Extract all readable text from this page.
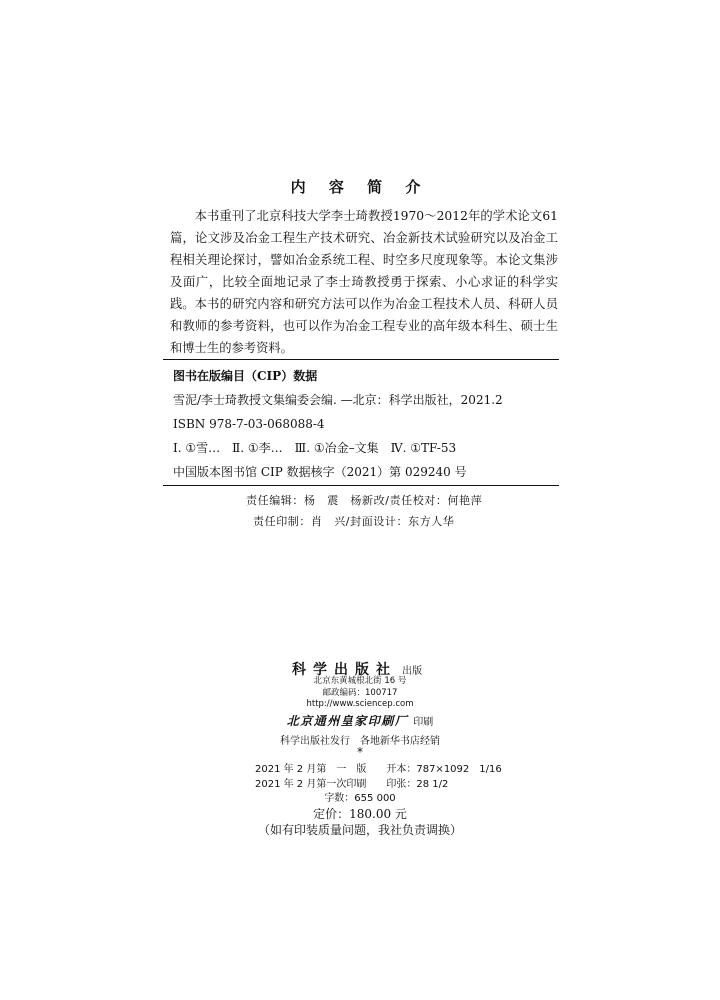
内 容 简 介
本书重刊了北京科技大学李士琦教授1970～2012年的学术论文61篇，论文涉及冶金工程生产技术研究、冶金新技术试验研究以及冶金工程相关理论探讨，譬如冶金系统工程、时空多尺度现象等。本论文集涉及面广，比较全面地记录了李士琦教授勇于探索、小心求证的科学实践。 本书的研究内容和研究方法可以作为冶金工程技术人员、科研人员和教师的参考资料，也可以作为冶金工程专业的高年级本科生、硕士生和博士生的参考资料。
图书在版编目（CIP）数据
雪泥/李士琦教授文集编委会编. —北京：科学出版社，2021.2
ISBN 978-7-03-068088-4
Ⅰ. ①雪…　Ⅱ. ①李…　Ⅲ. ①冶金–文集　Ⅳ. ①TF-53
中国版本图书馆 CIP 数据核字（2021）第 029240 号
责任编辑：杨　震　杨新改/责任校对：何艳萍
责任印制：肖　兴/封面设计：东方人华
科学出版社 出版
北京东黄城根北街 16 号
邮政编码：100717
http://www.sciencep.com
北京通州皇家印刷厂 印刷
科学出版社发行　各地新华书店经销
*
2021 年 2 月第　一　版　　开本：787×1092　1/16
2021 年 2 月第一次印刷　　印张：28 1/2
字数：655 000
定价：180.00 元
（如有印装质量问题，我社负责调换）
